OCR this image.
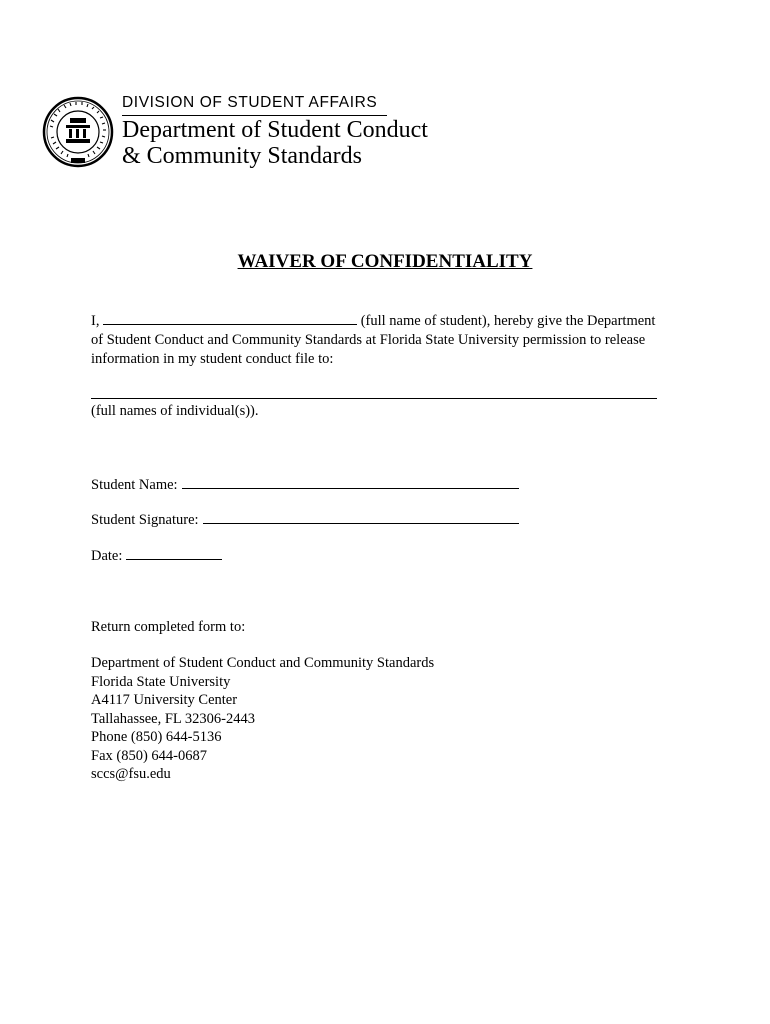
DIVISION OF STUDENT AFFAIRS
Department of Student Conduct
& Community Standards
WAIVER OF CONFIDENTIALITY
I,	(full name of student), hereby give the Department
of Student Conduct and Community Standards at Florida State University permission to release
information in my student conduct file to:
(full names of individual(s)).
Student Name:
Student Signature:
Date:
Return completed form to:
Department of Student Conduct and Community Standards
Florida State University
A4117 University Center
Tallahassee, FL 32306-2443
Phone (850) 644-5136
Fax (850) 644-0687
sccs@fsu.edu
